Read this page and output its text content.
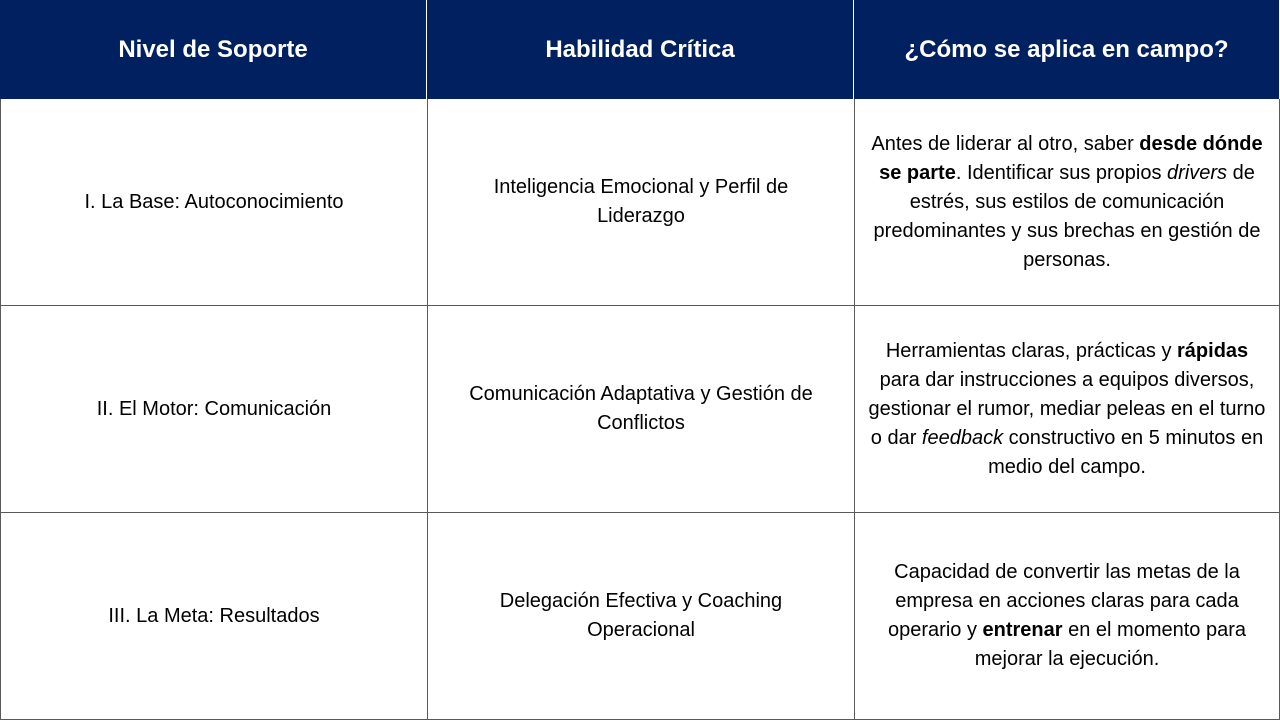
Nivel de Soporte	Habilidad Crítica	¿Cómo se aplica en campo?
I. La Base: Autoconocimiento
Inteligencia Emocional y Perfil de
Liderazgo
Antes de liderar al otro, saber desde dónde se parte. Identificar sus propios drivers de estrés, sus estilos de comunicación predominantes y sus brechas en gestión de personas.
II. El Motor: Comunicación
Comunicación Adaptativa y Gestión de
Conflictos
Herramientas claras, prácticas y rápidas para dar instrucciones a equipos diversos, gestionar el rumor, mediar peleas en el turno o dar feedback constructivo en 5 minutos en medio del campo.
III. La Meta: Resultados
Delegación Efectiva y Coaching
Operacional
Capacidad de convertir las metas de la empresa en acciones claras para cada operario y entrenar en el momento para mejorar la ejecución.
